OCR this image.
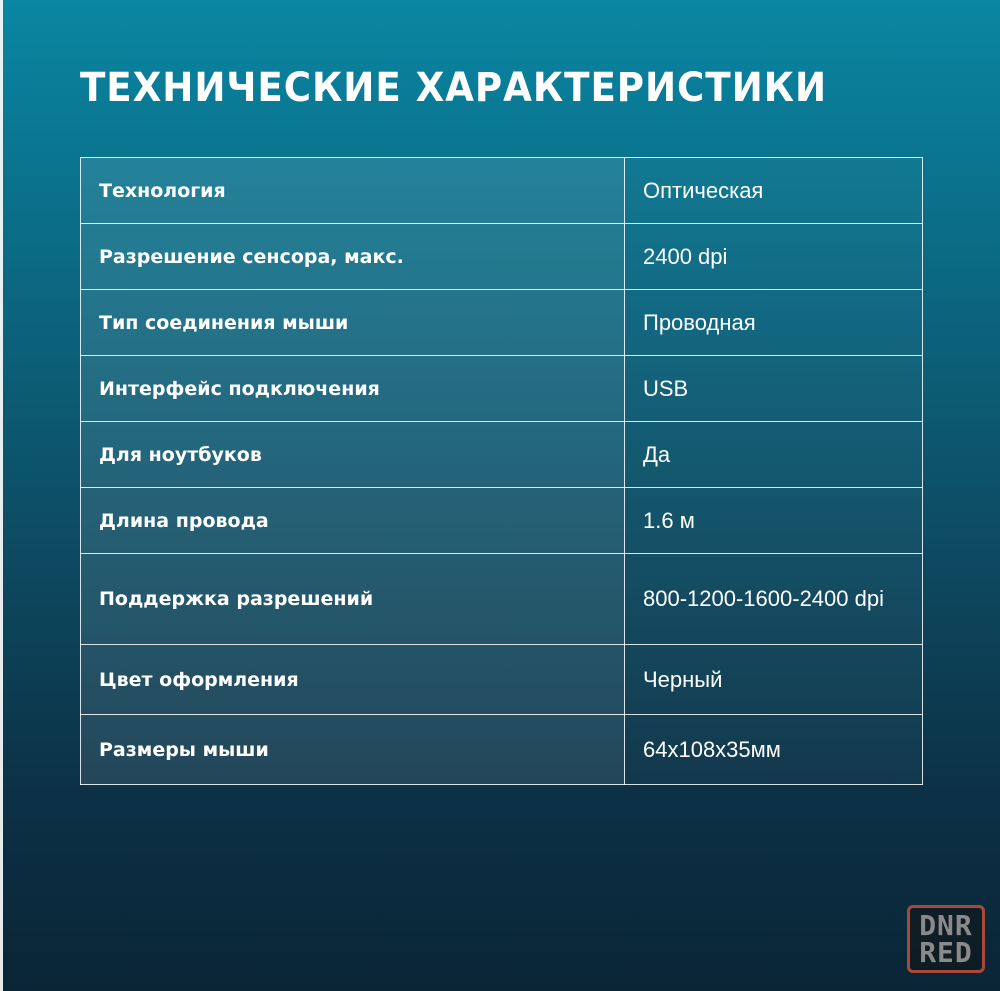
ТЕХНИЧЕСКИЕ ХАРАКТЕРИСТИКИ
Технология	Оптическая
Разрешение сенсора, макс.	2400 dpi
Тип соединения мыши	Проводная
Интерфейс подключения	USB
Для ноутбуков	Да
Длина провода	1.6 м
Поддержка разрешений	800-1200-1600-2400 dpi
Цвет оформления	Черный
Размеры мыши	64x108x35мм
DNR
RED
